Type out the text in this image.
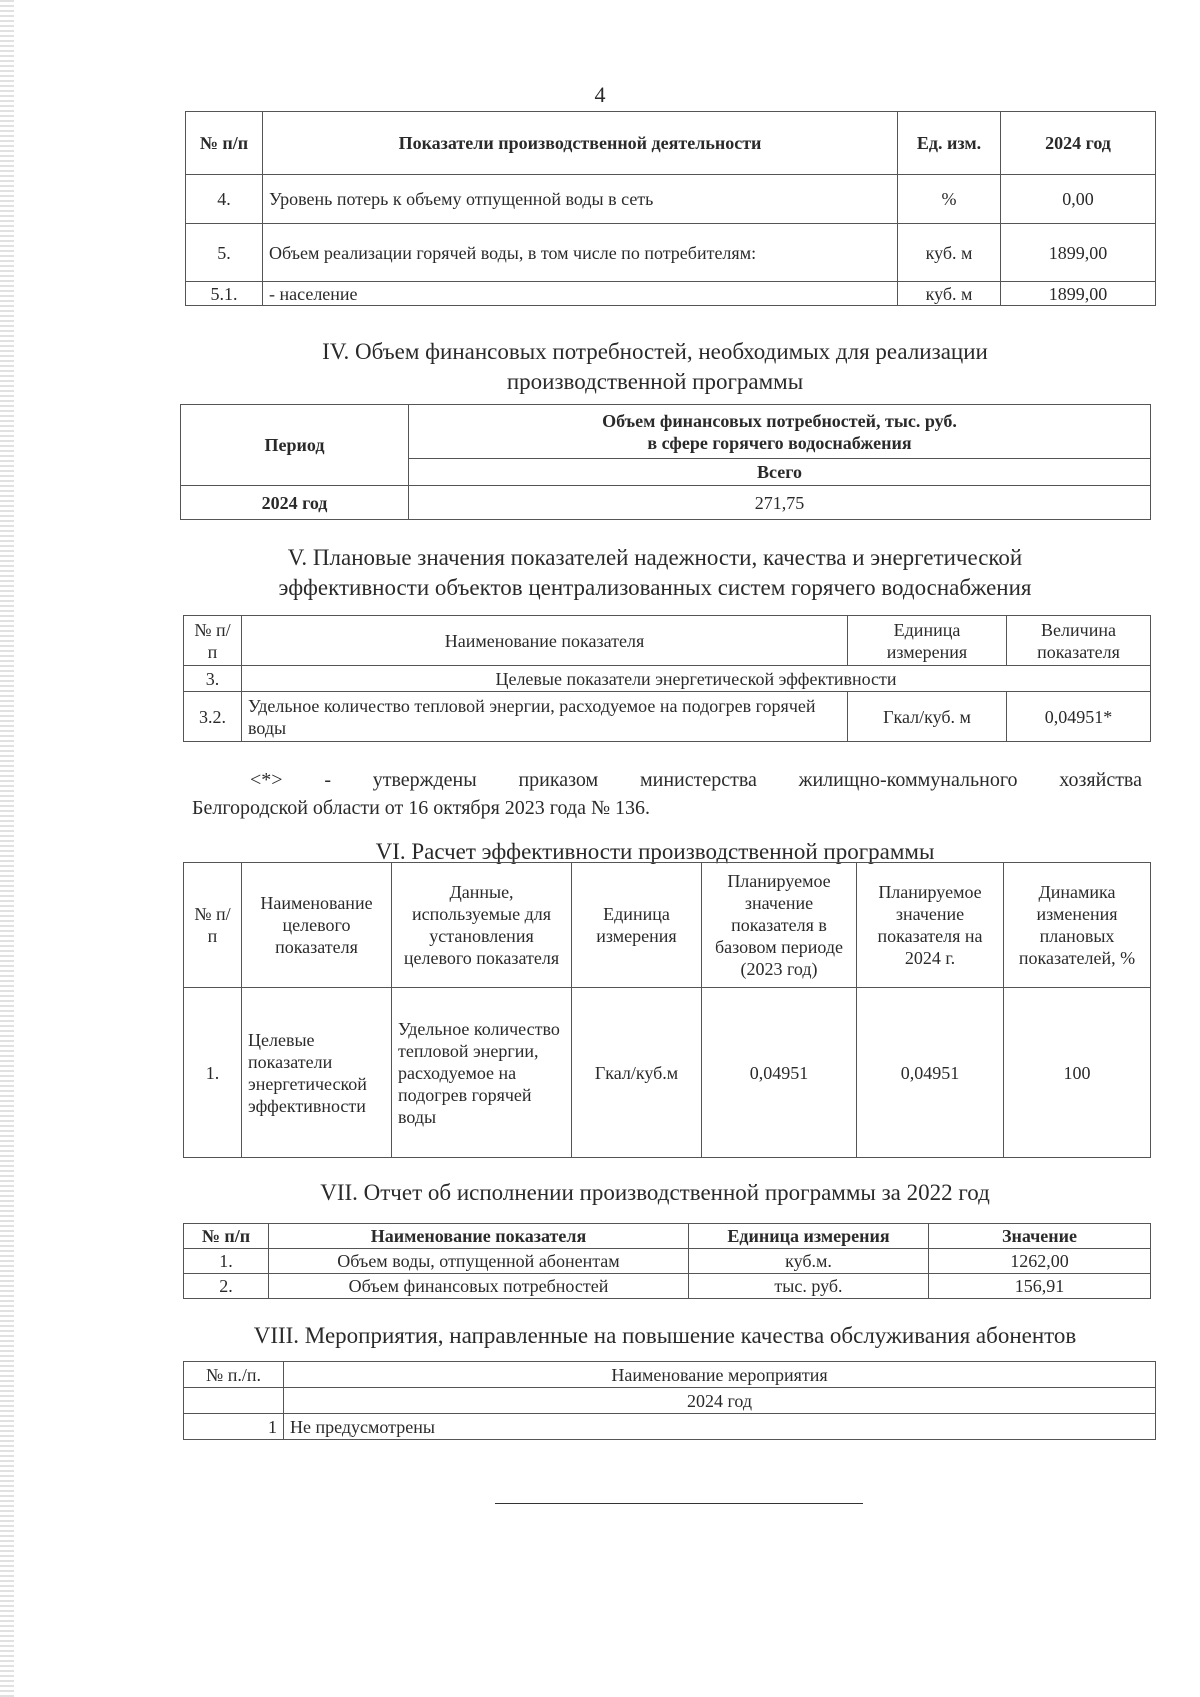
4
№ п/п	Показатели производственной деятельности	Ед. изм.	2024 год
4.	Уровень потерь к объему отпущенной воды в сеть	%	0,00
5.	Объем реализации горячей воды, в том числе по потребителям:	куб. м	1899,00
5.1.	- население	куб. м	1899,00
IV. Объем финансовых потребностей, необходимых для реализации
производственной программы
Период	Объем финансовых потребностей, тыс. руб.
в сфере горячего водоснабжения

	Всего
2024 год	271,75
V. Плановые значения показателей надежности, качества и энергетической
эффективности объектов централизованных систем горячего водоснабжения
№ п/п	Наименование показателя	Единица измерения	Величина показателя
3.	Целевые показатели энергетической эффективности		
3.2.	Удельное количество тепловой энергии, расходуемое на подогрев горячей воды	Гкал/куб. м	0,04951*
<*> - утверждены приказом министерства жилищно-коммунального хозяйства
Белгородской области от 16 октября 2023 года № 136.
VI. Расчет эффективности производственной программы
№ п/п	Наименование целевого показателя	Данные, используемые для установления целевого показателя	Единица измерения	Планируемое значение показателя в базовом периоде (2023 год)	Планируемое значение показателя на 2024 г.	Динамика изменения плановых показателей, %
1.	Целевые показатели энергетической эффективности	Удельное количество тепловой энергии, расходуемое на подогрев горячей воды	Гкал/куб.м	0,04951	0,04951	100
VII. Отчет об исполнении производственной программы за 2022 год
№ п/п	Наименование показателя	Единица измерения	Значение
1.	Объем воды, отпущенной абонентам	куб.м.	1262,00
2.	Объем финансовых потребностей	тыс. руб.	156,91
VIII. Мероприятия, направленные на повышение качества обслуживания абонентов
№ п./п.	Наименование мероприятия
	2024 год
1	Не предусмотрены
